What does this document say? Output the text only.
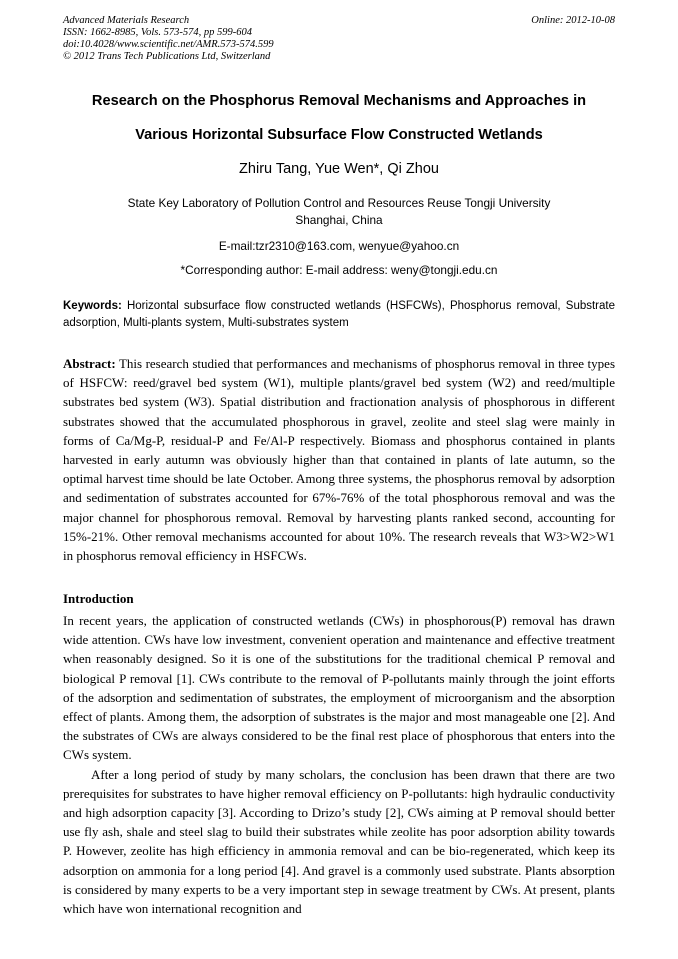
Advanced Materials Research
ISSN: 1662-8985, Vols. 573-574, pp 599-604
doi:10.4028/www.scientific.net/AMR.573-574.599
© 2012 Trans Tech Publications Ltd, Switzerland
Online: 2012-10-08
Research on the Phosphorus Removal Mechanisms and Approaches in
Various Horizontal Subsurface Flow Constructed Wetlands
Zhiru Tang, Yue Wen*, Qi Zhou
State Key Laboratory of Pollution Control and Resources Reuse Tongji University
Shanghai, China
E-mail:tzr2310@163.com, wenyue@yahoo.cn
*Corresponding author: E-mail address: weny@tongji.edu.cn
Keywords: Horizontal subsurface flow constructed wetlands (HSFCWs), Phosphorus removal, Substrate adsorption, Multi-plants system, Multi-substrates system
Abstract: This research studied that performances and mechanisms of phosphorus removal in three types of HSFCW: reed/gravel bed system (W1), multiple plants/gravel bed system (W2) and reed/multiple substrates bed system (W3). Spatial distribution and fractionation analysis of phosphorous in different substrates showed that the accumulated phosphorous in gravel, zeolite and steel slag were mainly in forms of Ca/Mg-P, residual-P and Fe/Al-P respectively. Biomass and phosphorus contained in plants harvested in early autumn was obviously higher than that contained in plants of late autumn, so the optimal harvest time should be late October. Among three systems, the phosphorus removal by adsorption and sedimentation of substrates accounted for 67%-76% of the total phosphorous removal and was the major channel for phosphorous removal. Removal by harvesting plants ranked second, accounting for 15%-21%. Other removal mechanisms accounted for about 10%. The research reveals that W3>W2>W1 in phosphorus removal efficiency in HSFCWs.
Introduction

In recent years, the application of constructed wetlands (CWs) in phosphorous(P) removal has drawn wide attention. CWs have low investment, convenient operation and maintenance and effective treatment when reasonably designed. So it is one of the substitutions for the traditional chemical P removal and biological P removal [1]. CWs contribute to the removal of P-pollutants mainly through the joint efforts of the adsorption and sedimentation of substrates, the employment of microorganism and the absorption effect of plants. Among them, the adsorption of substrates is the major and most manageable one [2]. And the substrates of CWs are always considered to be the final rest place of phosphorous that enters into the CWs system.

After a long period of study by many scholars, the conclusion has been drawn that there are two prerequisites for substrates to have higher removal efficiency on P-pollutants: high hydraulic conductivity and high adsorption capacity [3]. According to Drizo’s study [2], CWs aiming at P removal should better use fly ash, shale and steel slag to build their substrates while zeolite has poor adsorption ability towards P. However, zeolite has high efficiency in ammonia removal and can be bio-regenerated, which keep its adsorption on ammonia for a long period [4]. And gravel is a commonly used substrate. Plants absorption is considered by many experts to be a very important step in sewage treatment by CWs. At present, plants which have won international recognition and
